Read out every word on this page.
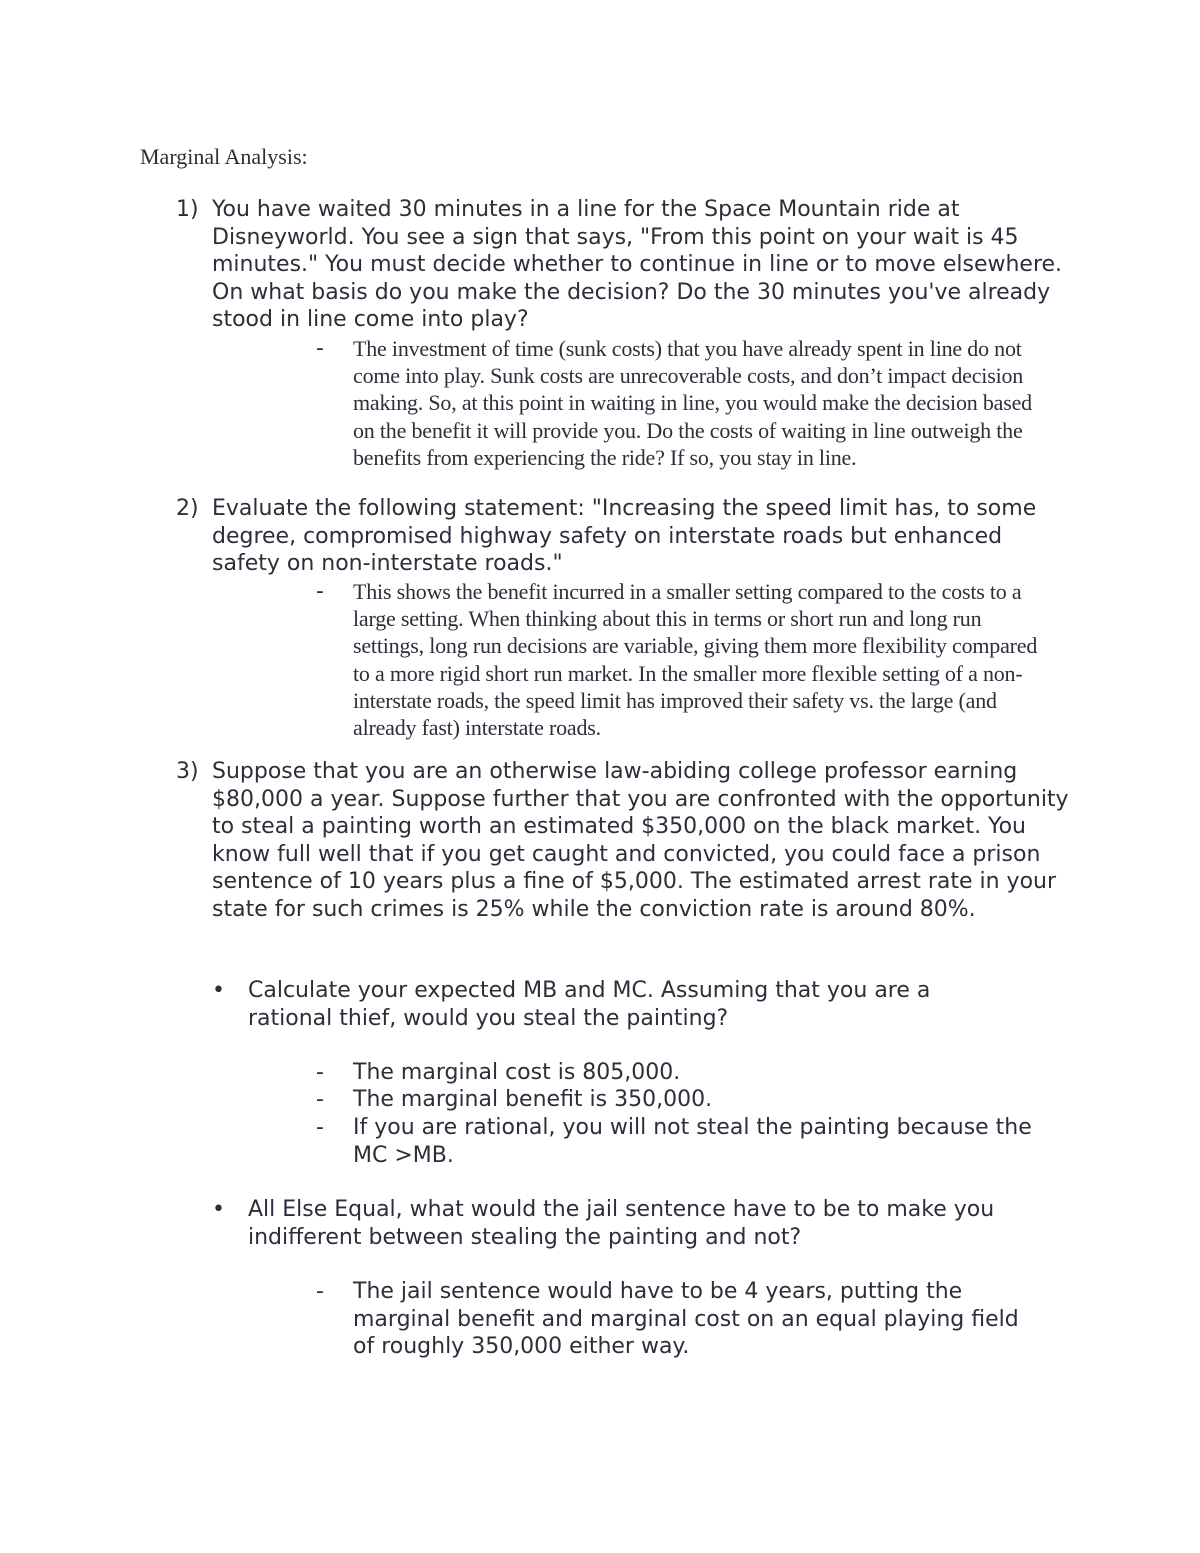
Marginal Analysis:
1) You have waited 30 minutes in a line for the Space Mountain ride at Disneyworld. You see a sign that says, "From this point on your wait is 45 minutes." You must decide whether to continue in line or to move elsewhere. On what basis do you make the decision? Do the 30 minutes you've already stood in line come into play?
-	The investment of time (sunk costs) that you have already spent in line do not come into play. Sunk costs are unrecoverable costs, and don’t impact decision making. So, at this point in waiting in line, you would make the decision based on the benefit it will provide you. Do the costs of waiting in line outweigh the benefits from experiencing the ride? If so, you stay in line.
2) Evaluate the following statement: "Increasing the speed limit has, to some degree, compromised highway safety on interstate roads but enhanced safety on non-interstate roads."
-	This shows the benefit incurred in a smaller setting compared to the costs to a large setting. When thinking about this in terms or short run and long run settings, long run decisions are variable, giving them more flexibility compared to a more rigid short run market. In the smaller more flexible setting of a non-interstate roads, the speed limit has improved their safety vs. the large (and already fast) interstate roads.
3) Suppose that you are an otherwise law-abiding college professor earning $80,000 a year. Suppose further that you are confronted with the opportunity to steal a painting worth an estimated $350,000 on the black market. You know full well that if you get caught and convicted, you could face a prison sentence of 10 years plus a fine of $5,000. The estimated arrest rate in your state for such crimes is 25% while the conviction rate is around 80%.
•	Calculate your expected MB and MC. Assuming that you are a rational thief, would you steal the painting?
-	The marginal cost is 805,000.
-	The marginal benefit is 350,000.
-	If you are rational, you will not steal the painting because the MC >MB.
•	All Else Equal, what would the jail sentence have to be to make you indifferent between stealing the painting and not?
-	The jail sentence would have to be 4 years, putting the marginal benefit and marginal cost on an equal playing field of roughly 350,000 either way.
